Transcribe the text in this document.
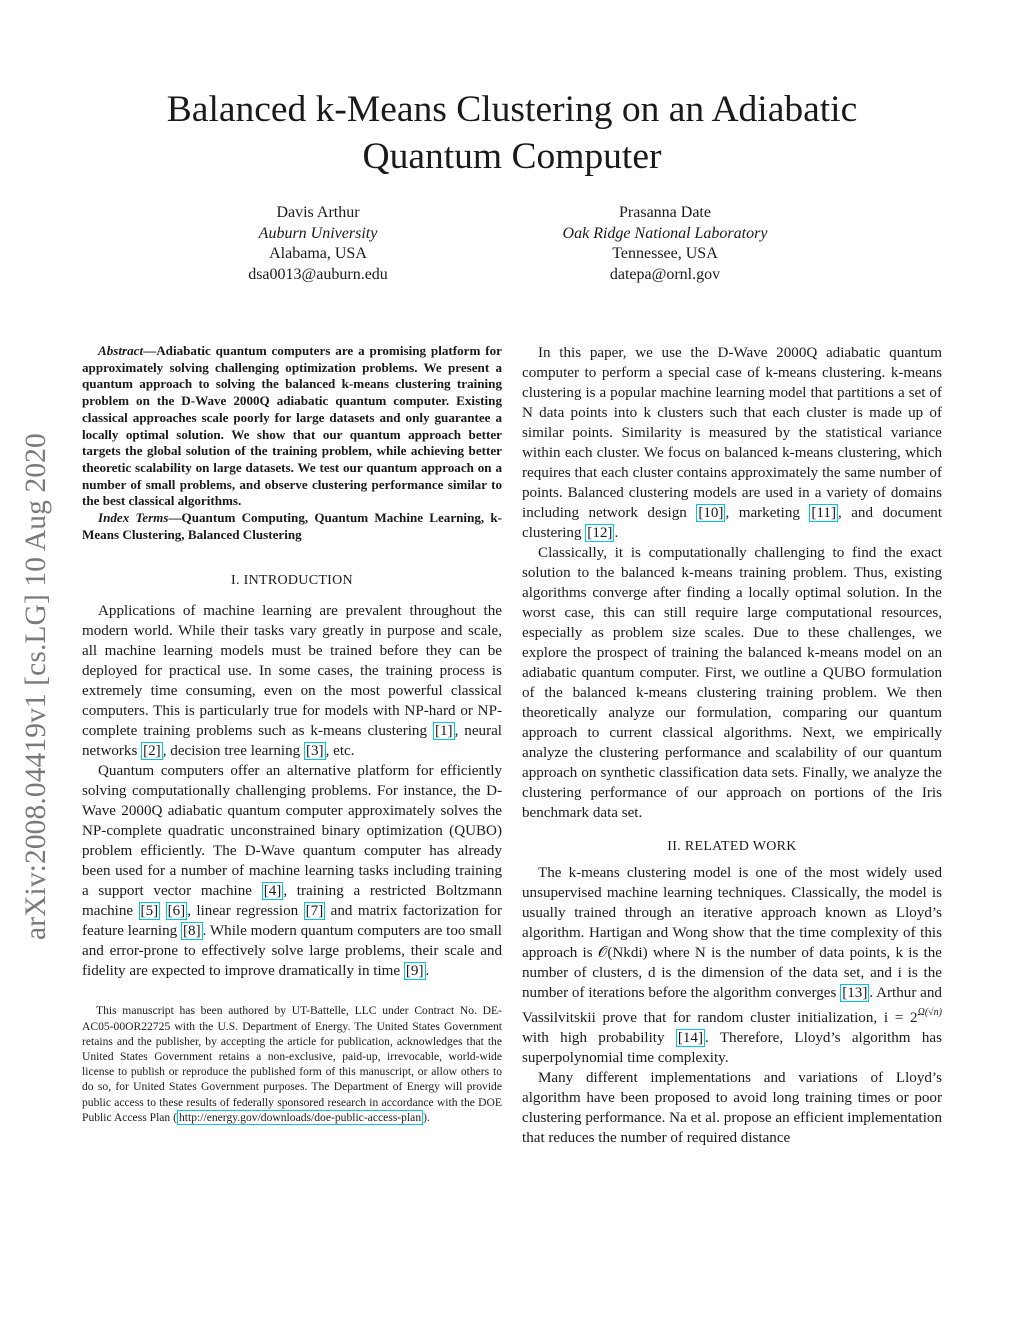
Balanced k-Means Clustering on an Adiabatic Quantum Computer
Davis Arthur
Auburn University
Alabama, USA
dsa0013@auburn.edu
Prasanna Date
Oak Ridge National Laboratory
Tennessee, USA
datepa@ornl.gov
arXiv:2008.04419v1 [cs.LG] 10 Aug 2020

Abstract—Adiabatic quantum computers are a promising platform for approximately solving challenging optimization problems. We present a quantum approach to solving the balanced k-means clustering training problem on the D-Wave 2000Q adiabatic quantum computer. Existing classical approaches scale poorly for large datasets and only guarantee a locally optimal solution. We show that our quantum approach better targets the global solution of the training problem, while achieving better theoretic scalability on large datasets. We test our quantum approach on a number of small problems, and observe clustering performance similar to the best classical algorithms.

Index Terms—Quantum Computing, Quantum Machine Learning, k-Means Clustering, Balanced Clustering

I. INTRODUCTION

Applications of machine learning are prevalent throughout the modern world. While their tasks vary greatly in purpose and scale, all machine learning models must be trained before they can be deployed for practical use. In some cases, the training process is extremely time consuming, even on the most powerful classical computers. This is particularly true for models with NP-hard or NP-complete training problems such as k-means clustering [1] , neural networks [2] , decision tree learning [3] , etc.

Quantum computers offer an alternative platform for efficiently solving computationally challenging problems. For instance, the D-Wave 2000Q adiabatic quantum computer approximately solves the NP-complete quadratic unconstrained binary optimization (QUBO) problem efficiently. The D-Wave quantum computer has already been used for a number of machine learning tasks including training a support vector machine [4] , training a restricted Boltzmann machine [5] [6] , linear regression [7] and matrix factorization for feature learning [8] . While modern quantum computers are too small and error-prone to effectively solve large problems, their scale and fidelity are expected to improve dramatically in time [9] .

This manuscript has been authored by UT-Battelle, LLC under Contract No. DE-AC05-00OR22725 with the U.S. Department of Energy. The United States Government retains and the publisher, by accepting the article for publication, acknowledges that the United States Government retains a non-exclusive, paid-up, irrevocable, world-wide license to publish or reproduce the published form of this manuscript, or allow others to do so, for United States Government purposes. The Department of Energy will provide public access to these results of federally sponsored research in accordance with the DOE Public Access Plan ( http://energy.gov/downloads/doe-public-access-plan ).

In this paper, we use the D-Wave 2000Q adiabatic quantum computer to perform a special case of k-means clustering. k-means clustering is a popular machine learning model that partitions a set of N data points into k clusters such that each cluster is made up of similar points. Similarity is measured by the statistical variance within each cluster. We focus on balanced k-means clustering, which requires that each cluster contains approximately the same number of points. Balanced clustering models are used in a variety of domains including network design [10] , marketing [11] , and document clustering [12] .

Classically, it is computationally challenging to find the exact solution to the balanced k-means training problem. Thus, existing algorithms converge after finding a locally optimal solution. In the worst case, this can still require large computational resources, especially as problem size scales. Due to these challenges, we explore the prospect of training the balanced k-means model on an adiabatic quantum computer. First, we outline a QUBO formulation of the balanced k-means clustering training problem. We then theoretically analyze our formulation, comparing our quantum approach to current classical algorithms. Next, we empirically analyze the clustering performance and scalability of our quantum approach on synthetic classification data sets. Finally, we analyze the clustering performance of our approach on portions of the Iris benchmark data set.

II. RELATED WORK

The k-means clustering model is one of the most widely used unsupervised machine learning techniques. Classically, the model is usually trained through an iterative approach known as Lloyd’s algorithm. Hartigan and Wong show that the time complexity of this approach is 𝒪(Nkdi) where N is the number of data points, k is the number of clusters, d is the dimension of the data set, and i is the number of iterations before the algorithm converges [13] . Arthur and Vassilvitskii prove that for random cluster initialization, $i = 2^{\Omega(√n)}$ with high probability [14] . Therefore, Lloyd’s algorithm has superpolynomial time complexity.

Many different implementations and variations of Lloyd’s algorithm have been proposed to avoid long training times or poor clustering performance. Na et al. propose an efficient implementation that reduces the number of required distance
